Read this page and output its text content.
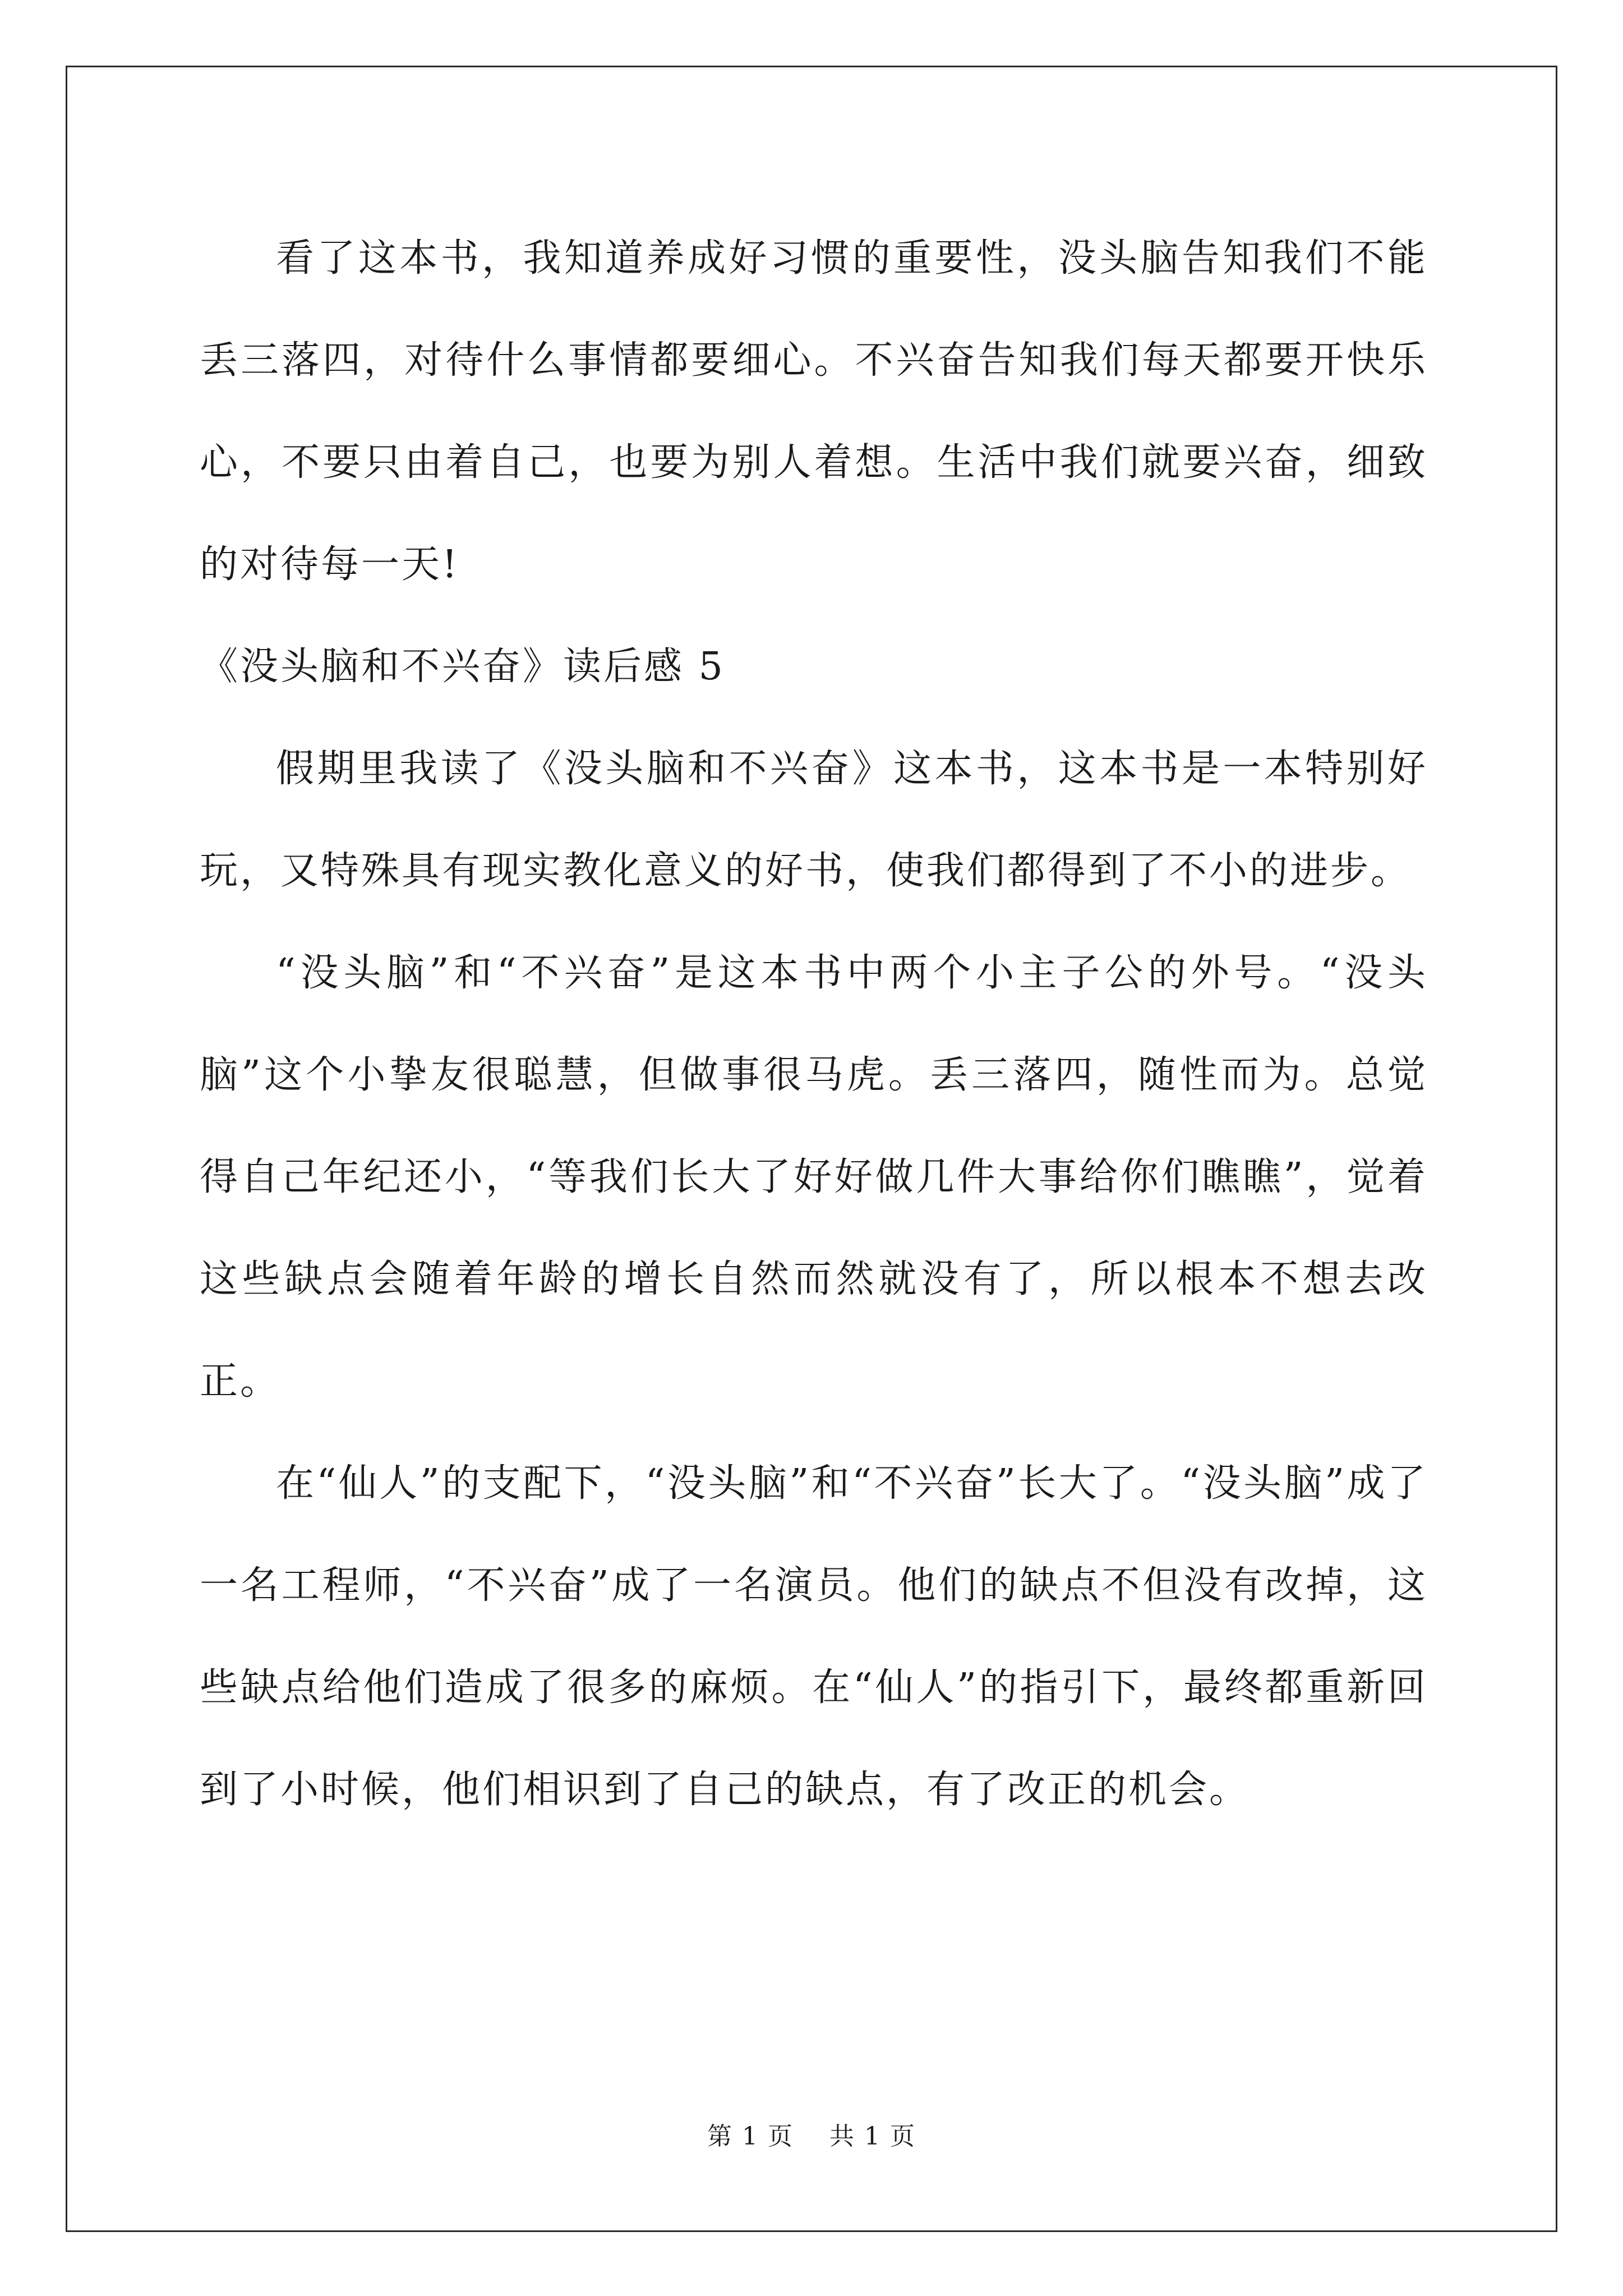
看了这本书，我知道养成好习惯的重要性，没头脑告知我们不能丢三落四，对待什么事情都要细心。不兴奋告知我们每天都要开快乐心，不要只由着自己，也要为别人着想。生活中我们就要兴奋，细致的对待每一天!

《没头脑和不兴奋》读后感 5

假期里我读了《没头脑和不兴奋》这本书，这本书是一本特别好玩，又特殊具有现实教化意义的好书，使我们都得到了不小的进步。

“没头脑”和“不兴奋”是这本书中两个小主子公的外号。“没头脑”这个小挚友很聪慧，但做事很马虎。丢三落四，随性而为。总觉得自己年纪还小，“等我们长大了好好做几件大事给你们瞧瞧”，觉着这些缺点会随着年龄的增长自然而然就没有了，所以根本不想去改正。

在“仙人”的支配下，“没头脑”和“不兴奋”长大了。“没头脑”成了一名工程师，“不兴奋”成了一名演员。他们的缺点不但没有改掉，这些缺点给他们造成了很多的麻烦。在“仙人”的指引下，最终都重新回到了小时候，他们相识到了自己的缺点，有了改正的机会。

第 1 页 共 1 页
